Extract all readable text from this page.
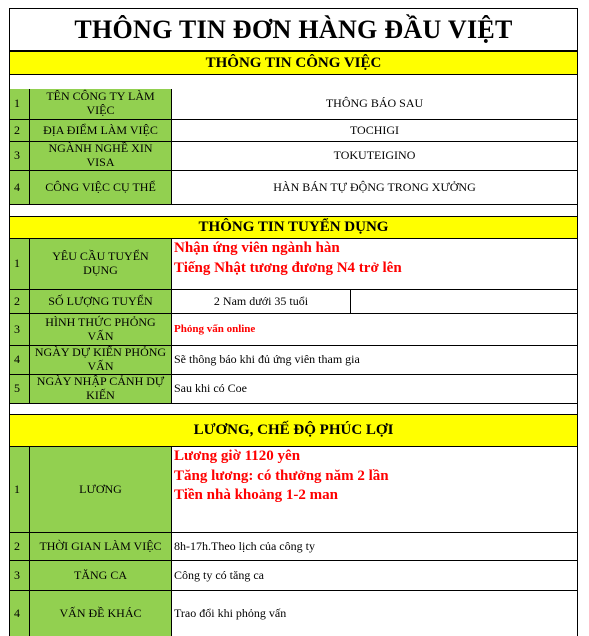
THÔNG TIN ĐƠN HÀNG ĐẦU VIỆT
THÔNG TIN CÔNG VIỆC
1	TÊN CÔNG TY LÀM VIỆC	THÔNG BÁO SAU
2	ĐỊA ĐIỂM LÀM VIỆC	TOCHIGI
3	NGÀNH NGHỀ XIN VISA	TOKUTEIGINO
4	CÔNG VIỆC CỤ THỂ	HÀN BÁN TỰ ĐỘNG TRONG XƯỞNG
THÔNG TIN TUYỂN DỤNG
1	YÊU CẦU TUYỂN DỤNG
Nhận ứng viên ngành hàn
Tiếng Nhật tương đương N4 trở lên
2	SỐ LƯỢNG TUYỂN	2 Nam dưới 35 tuổi
3	HÌNH THỨC PHỎNG VẤN	Phỏng vấn online
4	NGÀY DỰ KIẾN PHỎNG VẤN	Sẽ thông báo khi đủ ứng viên tham gia
5	NGÀY NHẬP CẢNH DỰ KIẾN	Sau khi có Coe
LƯƠNG, CHẾ ĐỘ PHÚC LỢI
1	LƯƠNG
Lương giờ 1120 yên
Tăng lương: có thưởng năm 2 lần
Tiền nhà khoảng 1-2 man
2	THỜI GIAN LÀM VIỆC	8h-17h.Theo lịch của công ty
3	TĂNG CA	Công ty có tăng ca
4	VẤN ĐỀ KHÁC	Trao đổi khi phỏng vấn
